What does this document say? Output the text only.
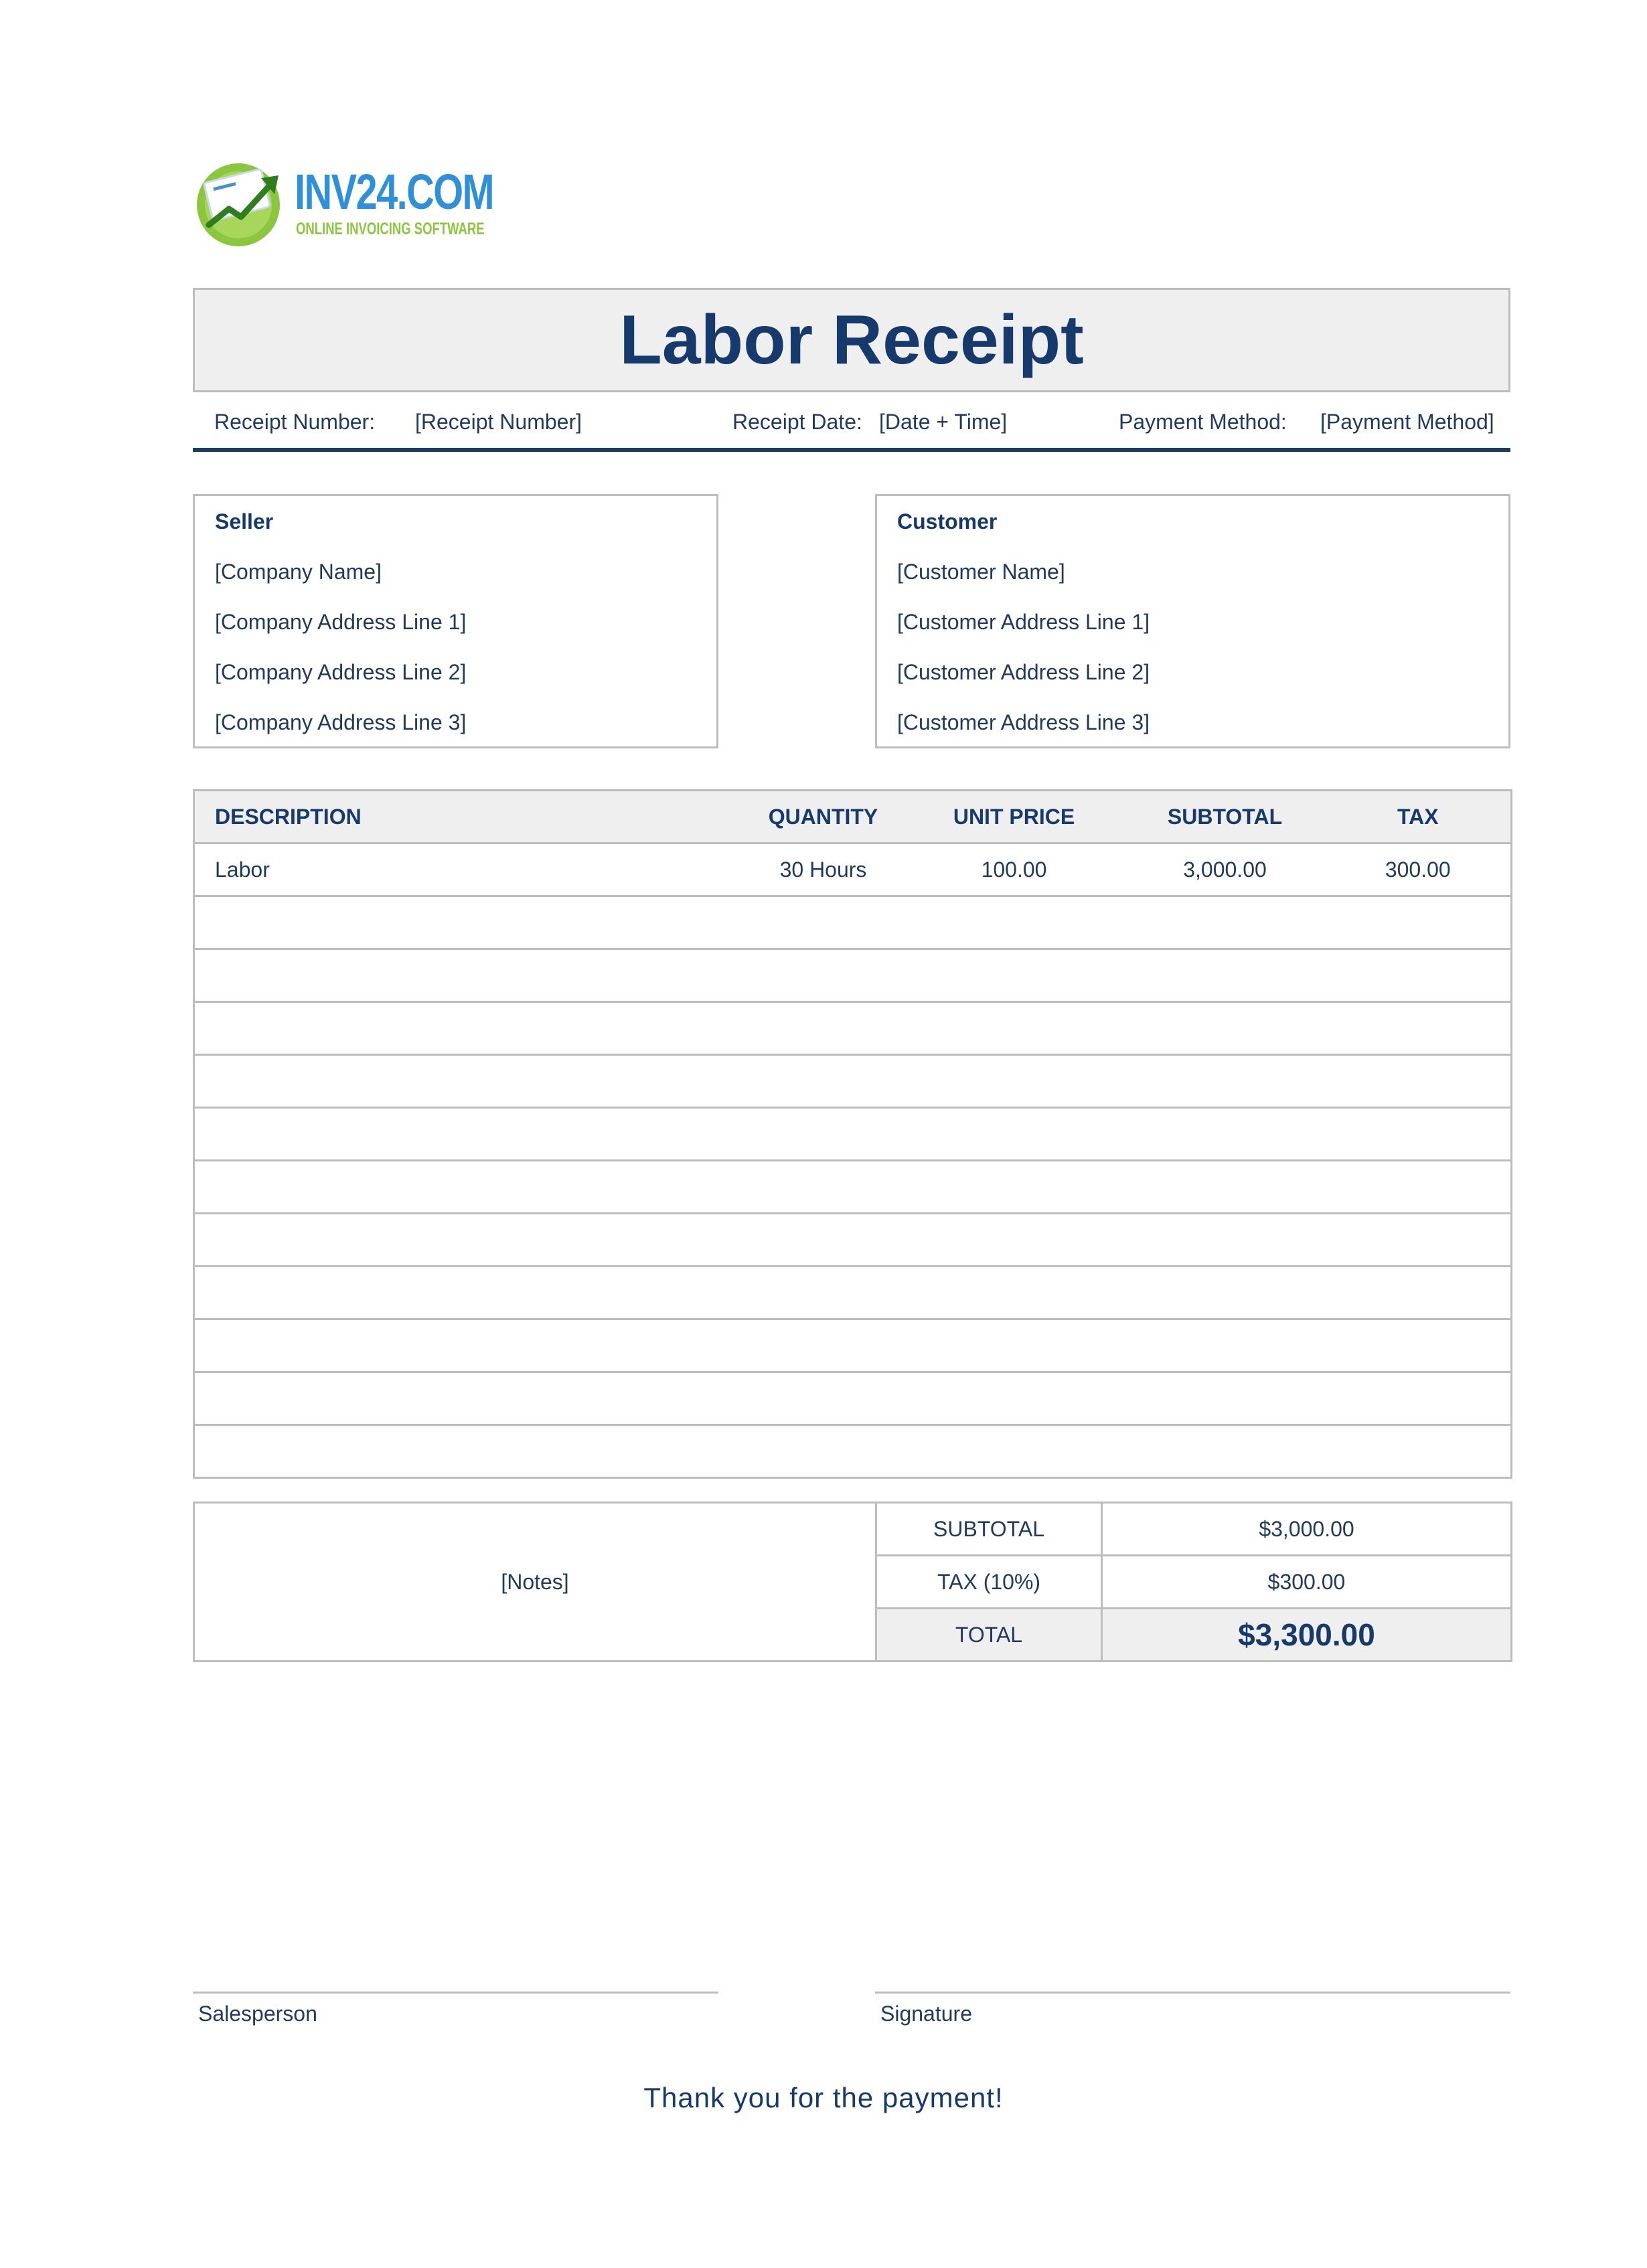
INV24.COM
ONLINE INVOICING SOFTWARE
Labor Receipt
Receipt Number: [Receipt Number]	Receipt Date: [Date + Time]	Payment Method: [Payment Method]
Seller
[Company Name]
[Company Address Line 1]
[Company Address Line 2]
[Company Address Line 3]
Customer
[Customer Name]
[Customer Address Line 1]
[Customer Address Line 2]
[Customer Address Line 3]
DESCRIPTION	QUANTITY	UNIT PRICE	SUBTOTAL	TAX
Labor	30 Hours	100.00	3,000.00	300.00

[Notes]	SUBTOTAL	$3,000.00
	TAX (10%)	$300.00
	TOTAL	$3,300.00
Salesperson	Signature
Thank you for the payment!
